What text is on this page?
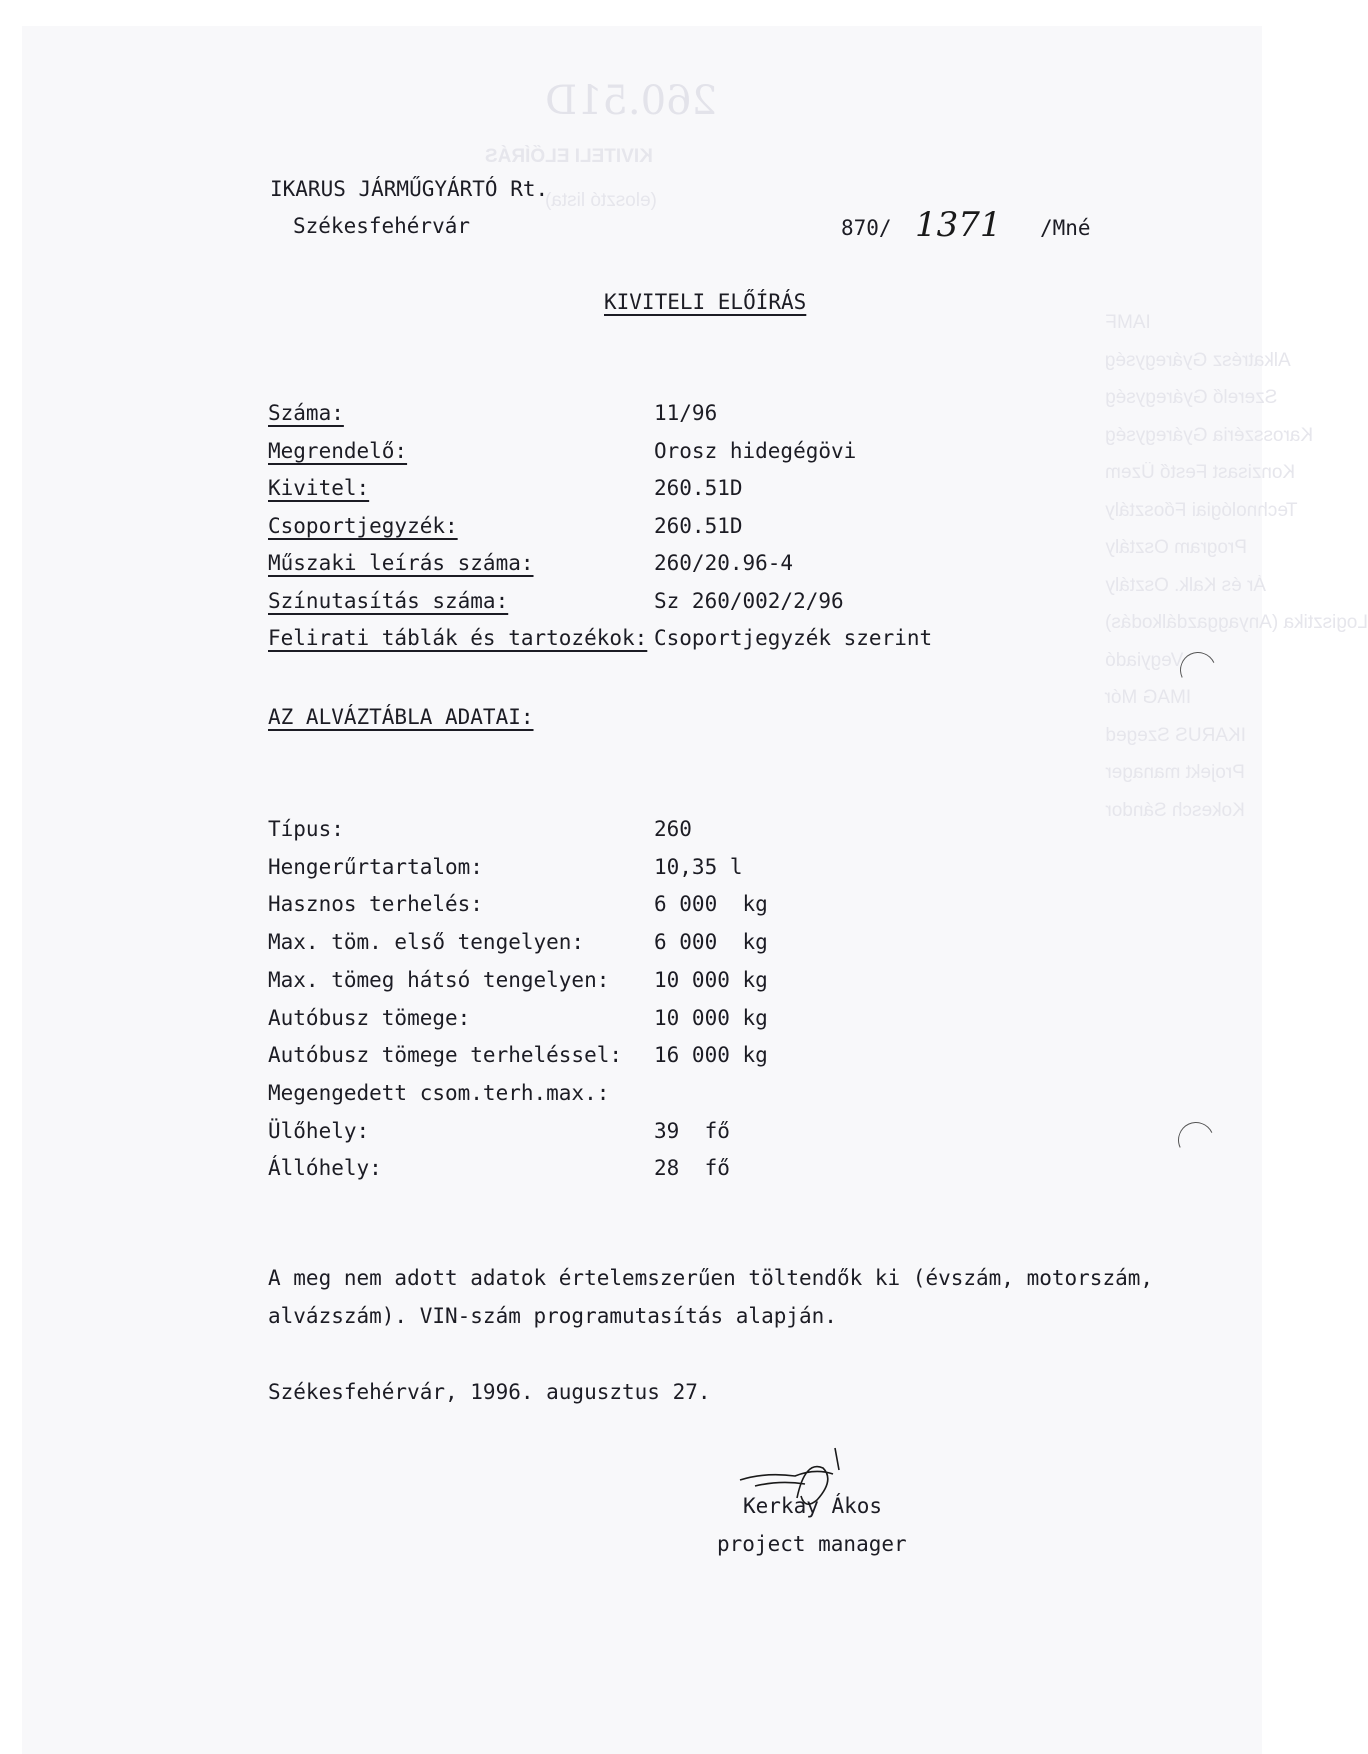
260.51D
KIVITELI ELŐÍRÁS
(elosztó lista)
IAMF
Alkatrész Gyáregység
Szerelő Gyáregység
Karosszéria Gyáregység
Konzisast Festő Üzem
Technológiai Főosztály
Program Osztály
Ár és Kalk. Osztály
Logisztika (Anyaggazdálkodás)
Vegyiadó
IMAG Mór
IKARUS Szeged
Projekt manager
Kokesch Sándor
IKARUS JÁRMŰGYÁRTÓ Rt.
Székesfehérvár	870/ 1371 /Mné
KIVITELI ELŐÍRÁS
Száma:	11/96
Megrendelő:	Orosz hidegégövi
Kivitel:	260.51D
Csoportjegyzék:	260.51D
Műszaki leírás száma:	260/20.96-4
Színutasítás száma:	Sz 260/002/2/96
Felirati táblák és tartozékok: Csoportjegyzék szerint
AZ ALVÁZTÁBLA ADATAI:
Típus:	260
Hengerűrtartalom:	10,35 l
Hasznos terhelés:	6 000  kg
Max. töm. első tengelyen:	6 000  kg
Max. tömeg hátsó tengelyen: 10 000 kg
Autóbusz tömege:	10 000 kg
Autóbusz tömege terheléssel: 16 000 kg
Megengedett csom.terh.max.:
Ülőhely:	39  fő
Állóhely:	28  fő
A meg nem adott adatok értelemszerűen töltendők ki (évszám, motorszám,
alvázszám). VIN-szám programutasítás alapján.
Székesfehérvár, 1996. augusztus 27.
Kerkay Ákos
project manager
